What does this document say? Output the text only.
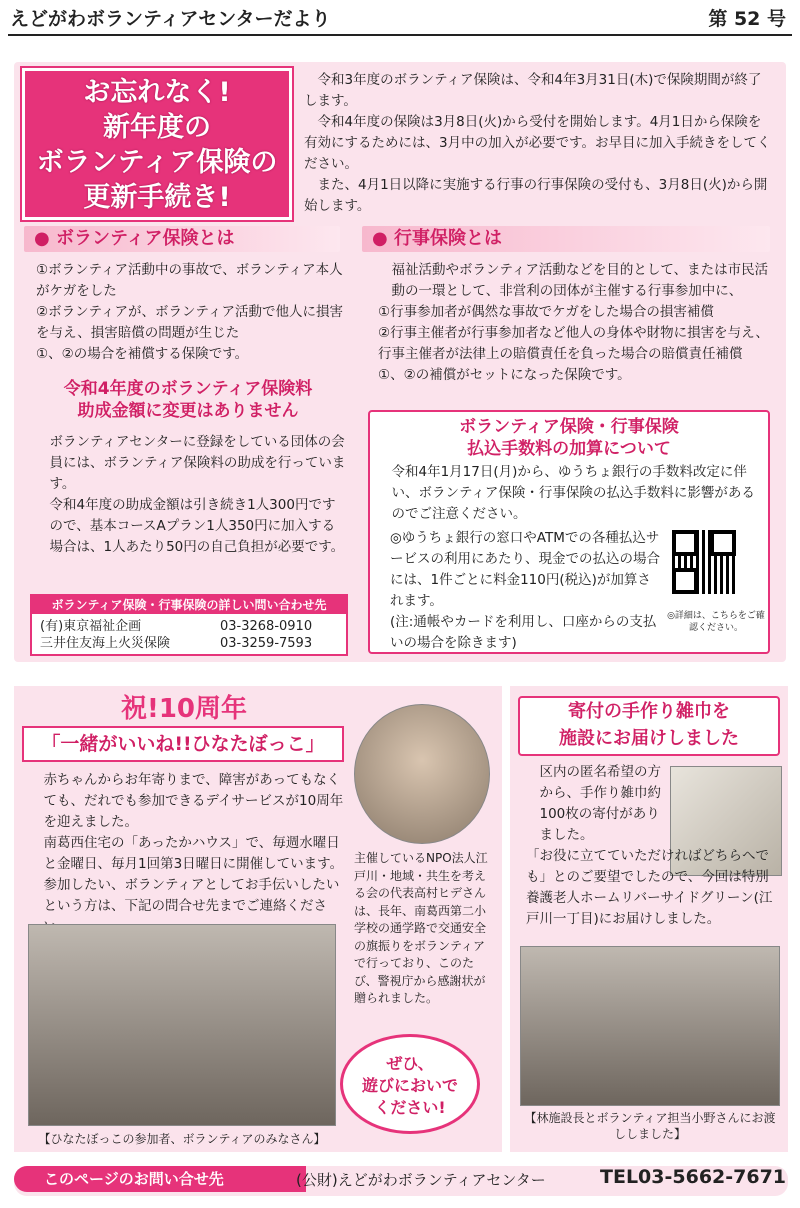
えどがわボランティアセンターだより	第 52 号
お忘れなく!
新年度の
ボランティア保険の
更新手続き!

令和3年度のボランティア保険は、令和4年3月31日(木)で保険期間が終了します。

令和4年度の保険は3月8日(火)から受付を開始します。4月1日から保険を有効にするためには、3月中の加入が必要です。お早目に加入手続きをしてください。

また、4月1日以降に実施する行事の行事保険の受付も、3月8日(火)から開始します。

● ボランティア保険とは
①ボランティア活動中の事故で、ボランティア本人がケガをした
②ボランティアが、ボランティア活動で他人に損害を与え、損害賠償の問題が生じた
①、②の場合を補償する保険です。
● 行事保険とは
福祉活動やボランティア活動などを目的として、または市民活動の一環として、非営利の団体が主催する行事参加中に、
①行事参加者が偶然な事故でケガをした場合の損害補償
②行事主催者が行事参加者など他人の身体や財物に損害を与え、行事主催者が法律上の賠償責任を負った場合の賠償責任補償
①、②の補償がセットになった保険です。
令和4年度のボランティア保険料
助成金額に変更はありません
ボランティアセンターに登録をしている団体の会員には、ボランティア保険料の助成を行っています。
令和4年度の助成金額は引き続き1人300円ですので、基本コースAプラン1人350円に加入する場合は、1人あたり50円の自己負担が必要です。
ボランティア保険・行事保険の詳しい問い合わせ先
(有)東京福祉企画	03-3268-0910
三井住友海上火災保険	03-3259-7593
ボランティア保険・行事保険
払込手数料の加算について
令和4年1月17日(月)から、ゆうちょ銀行の手数料改定に伴い、ボランティア保険・行事保険の払込手数料に影響があるのでご注意ください。
◎ゆうちょ銀行の窓口やATMでの各種払込サービスの利用にあたり、現金での払込の場合には、1件ごとに料金110円(税込)が加算されます。
(注:通帳やカードを利用し、口座からの支払いの場合を除きます)
◎詳細は、こちらをご確認ください。
祝!10周年
「一緒がいいね!!ひなたぼっこ」
赤ちゃんからお年寄りまで、障害があってもなくても、だれでも参加できるデイサービスが10周年を迎えました。
南葛西住宅の「あったかハウス」で、毎週水曜日と金曜日、毎月1回第3日曜日に開催しています。
参加したい、ボランティアとしてお手伝いしたいという方は、下記の問合せ先までご連絡くださ
主催しているNPO法人江戸川・地域・共生を考える会の代表高村ヒデさんは、長年、南葛西第二小学校の通学路で交通安全の旗振りをボランティアで行っており、このたび、警視庁から感謝状が贈られました。
【ひなたぼっこの参加者、ボランティアのみなさん】
ぜひ、
遊びにおいで
ください!
寄付の手作り雑巾を
施設にお届けしました
区内の匿名希望の方から、手作り雑巾約100枚の寄付がありました。
「お役に立てていただければどちらへでも」とのご要望でしたので、今回は特別養護老人ホームリバーサイドグリーン(江戸川一丁目)にお届けしました。
【林施設長とボランティア担当小野さんにお渡ししました】
このページのお問い合せ先	(公財)えどがわボランティアセンター	TEL03-5662-7671
